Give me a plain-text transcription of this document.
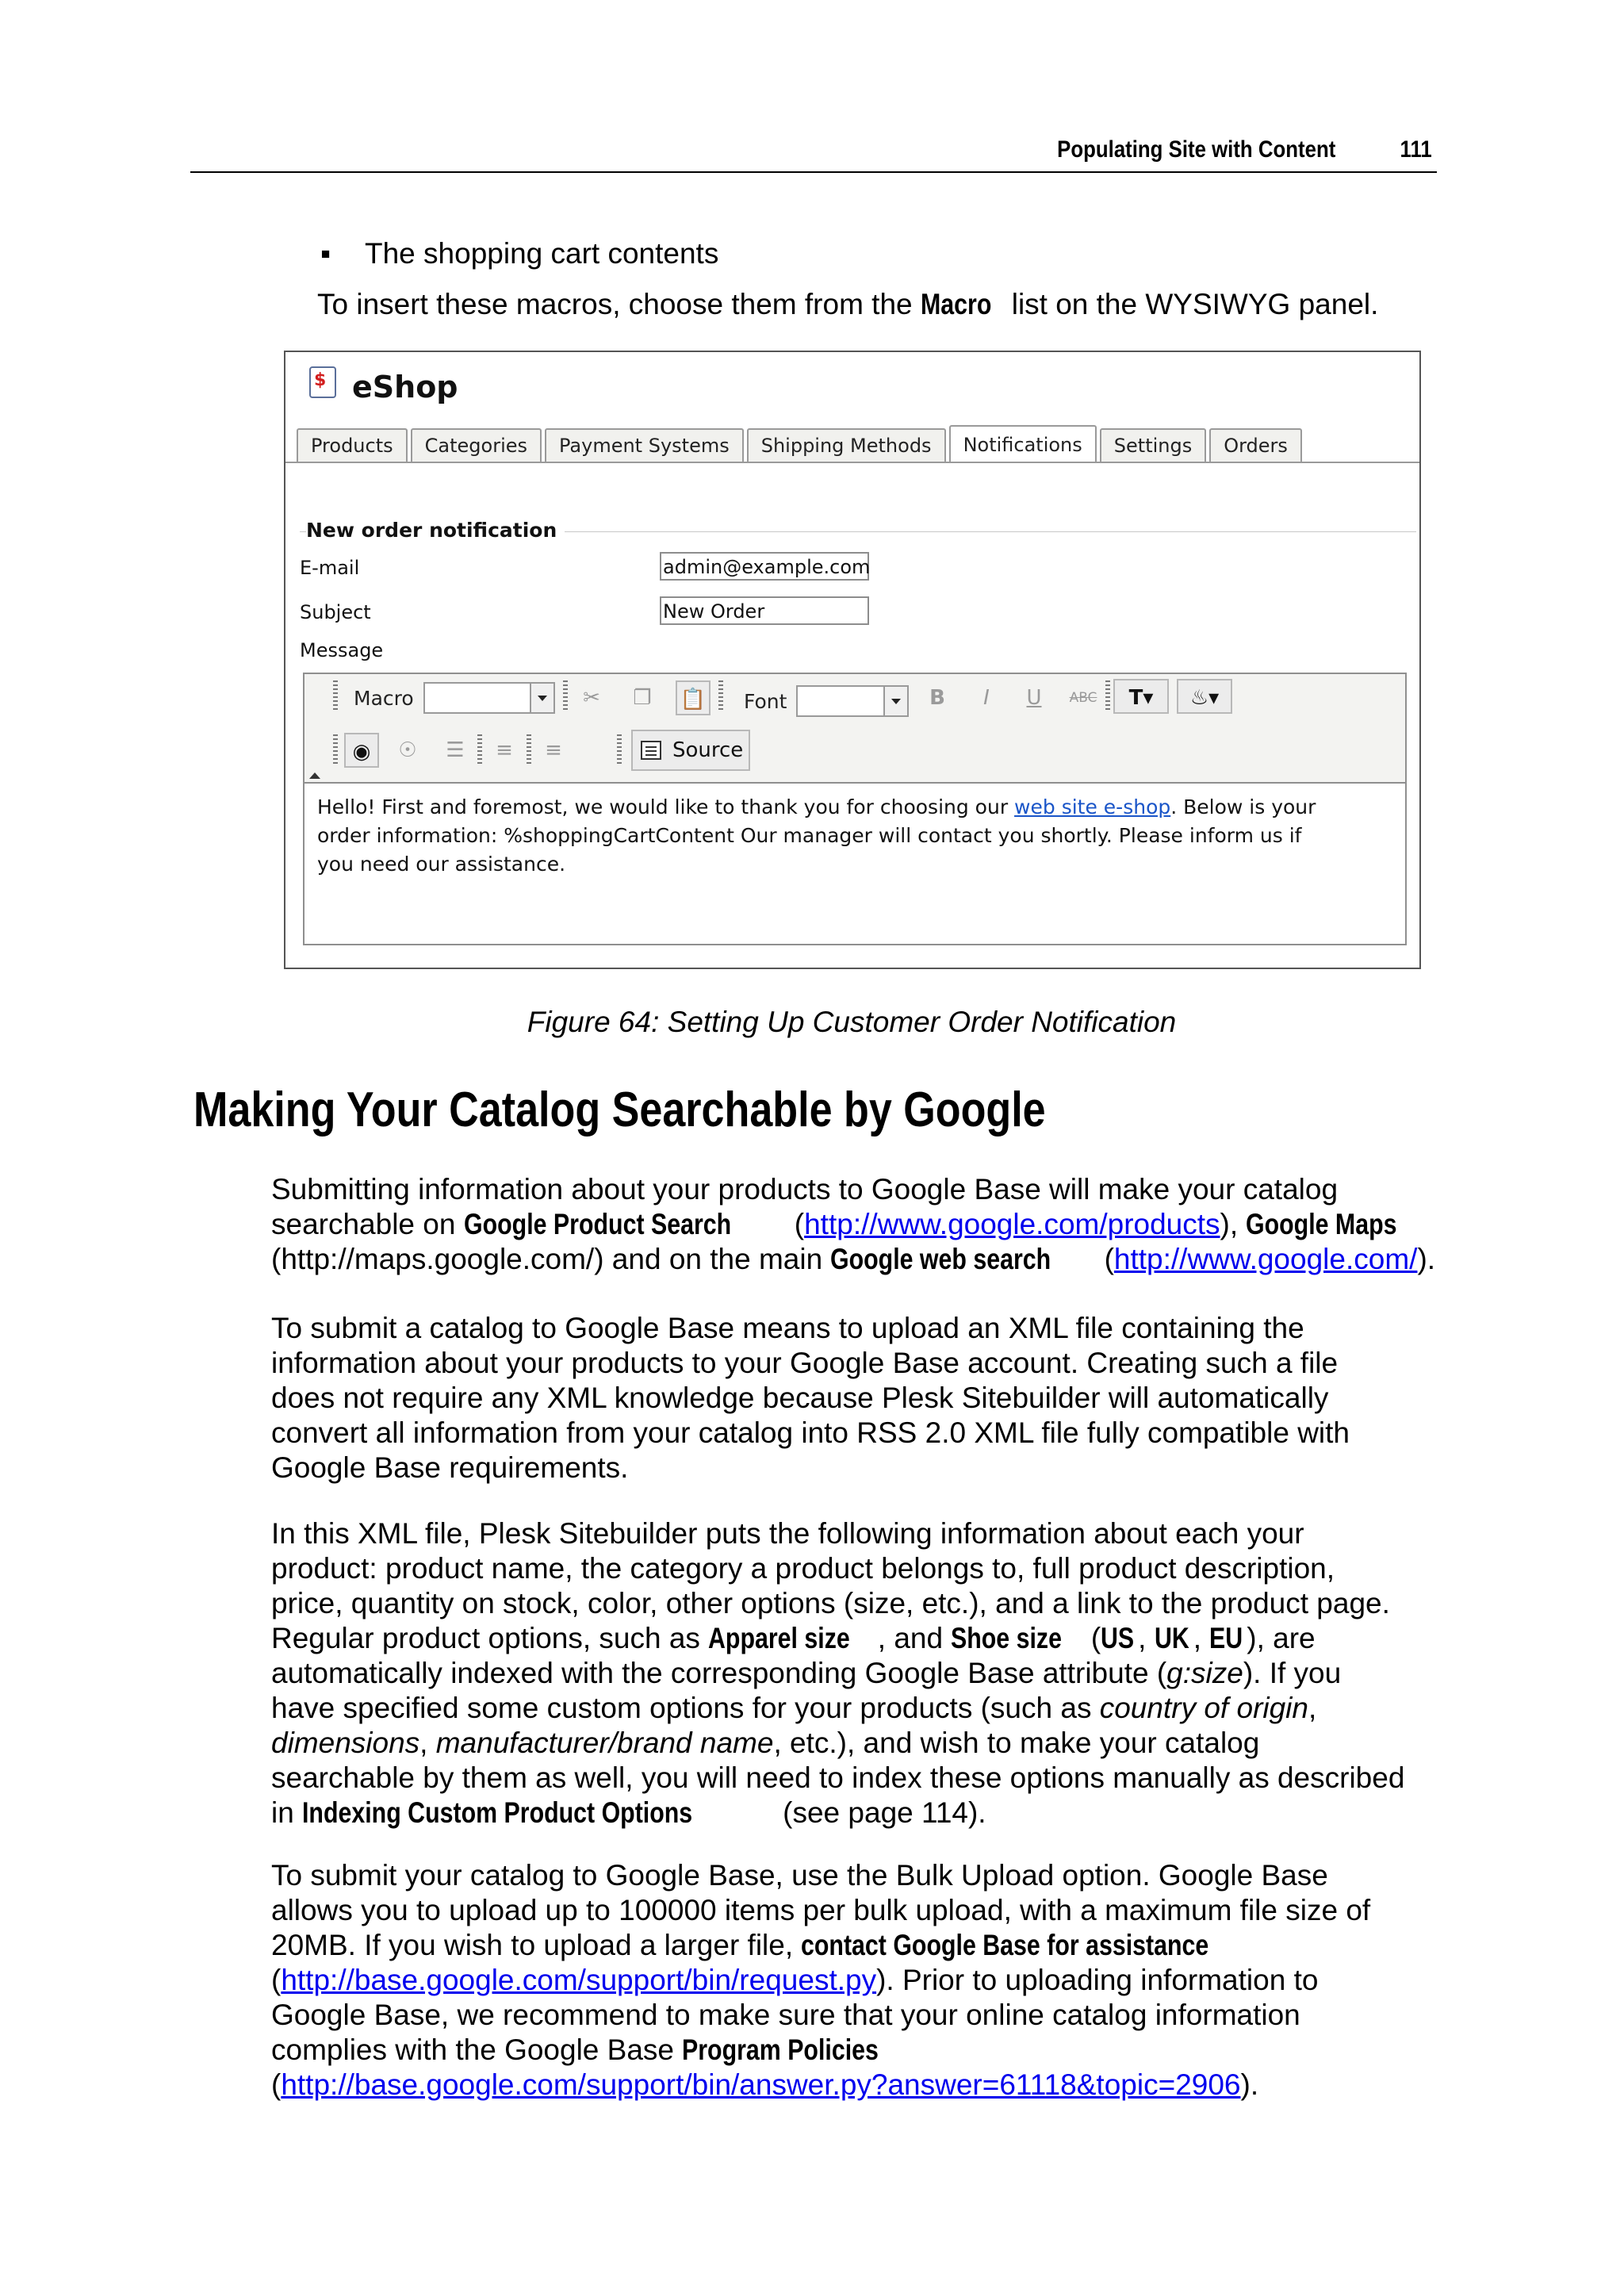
Populating Site with Content	111
▪ The shopping cart contents
To insert these macros, choose them from the Macro list on the WYSIWYG panel.
$ eShop
Products	Categories	Payment Systems	Shipping Methods	Notifications	Settings	Orders
New order notification
E-mail	admin@example.com
Subject	New Order
Message
Macro	✂	❐	📋 Font	B	I	U	ABC	T▾	♨▾
◉	☉	☰	≡	≡	Source
Hello! First and foremost, we would like to thank you for choosing our web site e-shop. Below is your
order information: %shoppingCartContent Our manager will contact you shortly. Please inform us if
you need our assistance.
Figure 64: Setting Up Customer Order Notification
Making Your Catalog Searchable by Google

Submitting information about your products to Google Base will make your catalog
searchable on Google Product Search (http://www.google.com/products), Google Maps
(http://maps.google.com/) and on the main Google web search (http://www.google.com/).

To submit a catalog to Google Base means to upload an XML file containing the
information about your products to your Google Base account. Creating such a file
does not require any XML knowledge because Plesk Sitebuilder will automatically
convert all information from your catalog into RSS 2.0 XML file fully compatible with
Google Base requirements.

In this XML file, Plesk Sitebuilder puts the following information about each your
product: product name, the category a product belongs to, full product description,
price, quantity on stock, color, other options (size, etc.), and a link to the product page.
Regular product options, such as Apparel size , and Shoe size (US , UK , EU ), are
automatically indexed with the corresponding Google Base attribute (g:size). If you
have specified some custom options for your products (such as country of origin,
dimensions, manufacturer/brand name, etc.), and wish to make your catalog
searchable by them as well, you will need to index these options manually as described
in Indexing Custom Product Options	(see page 114).

To submit your catalog to Google Base, use the Bulk Upload option. Google Base
allows you to upload up to 100000 items per bulk upload, with a maximum file size of
20MB. If you wish to upload a larger file, contact Google Base for assistance
(http://base.google.com/support/bin/request.py). Prior to uploading information to
Google Base, we recommend to make sure that your online catalog information
complies with the Google Base Program Policies
(http://base.google.com/support/bin/answer.py?answer=61118&topic=2906).
